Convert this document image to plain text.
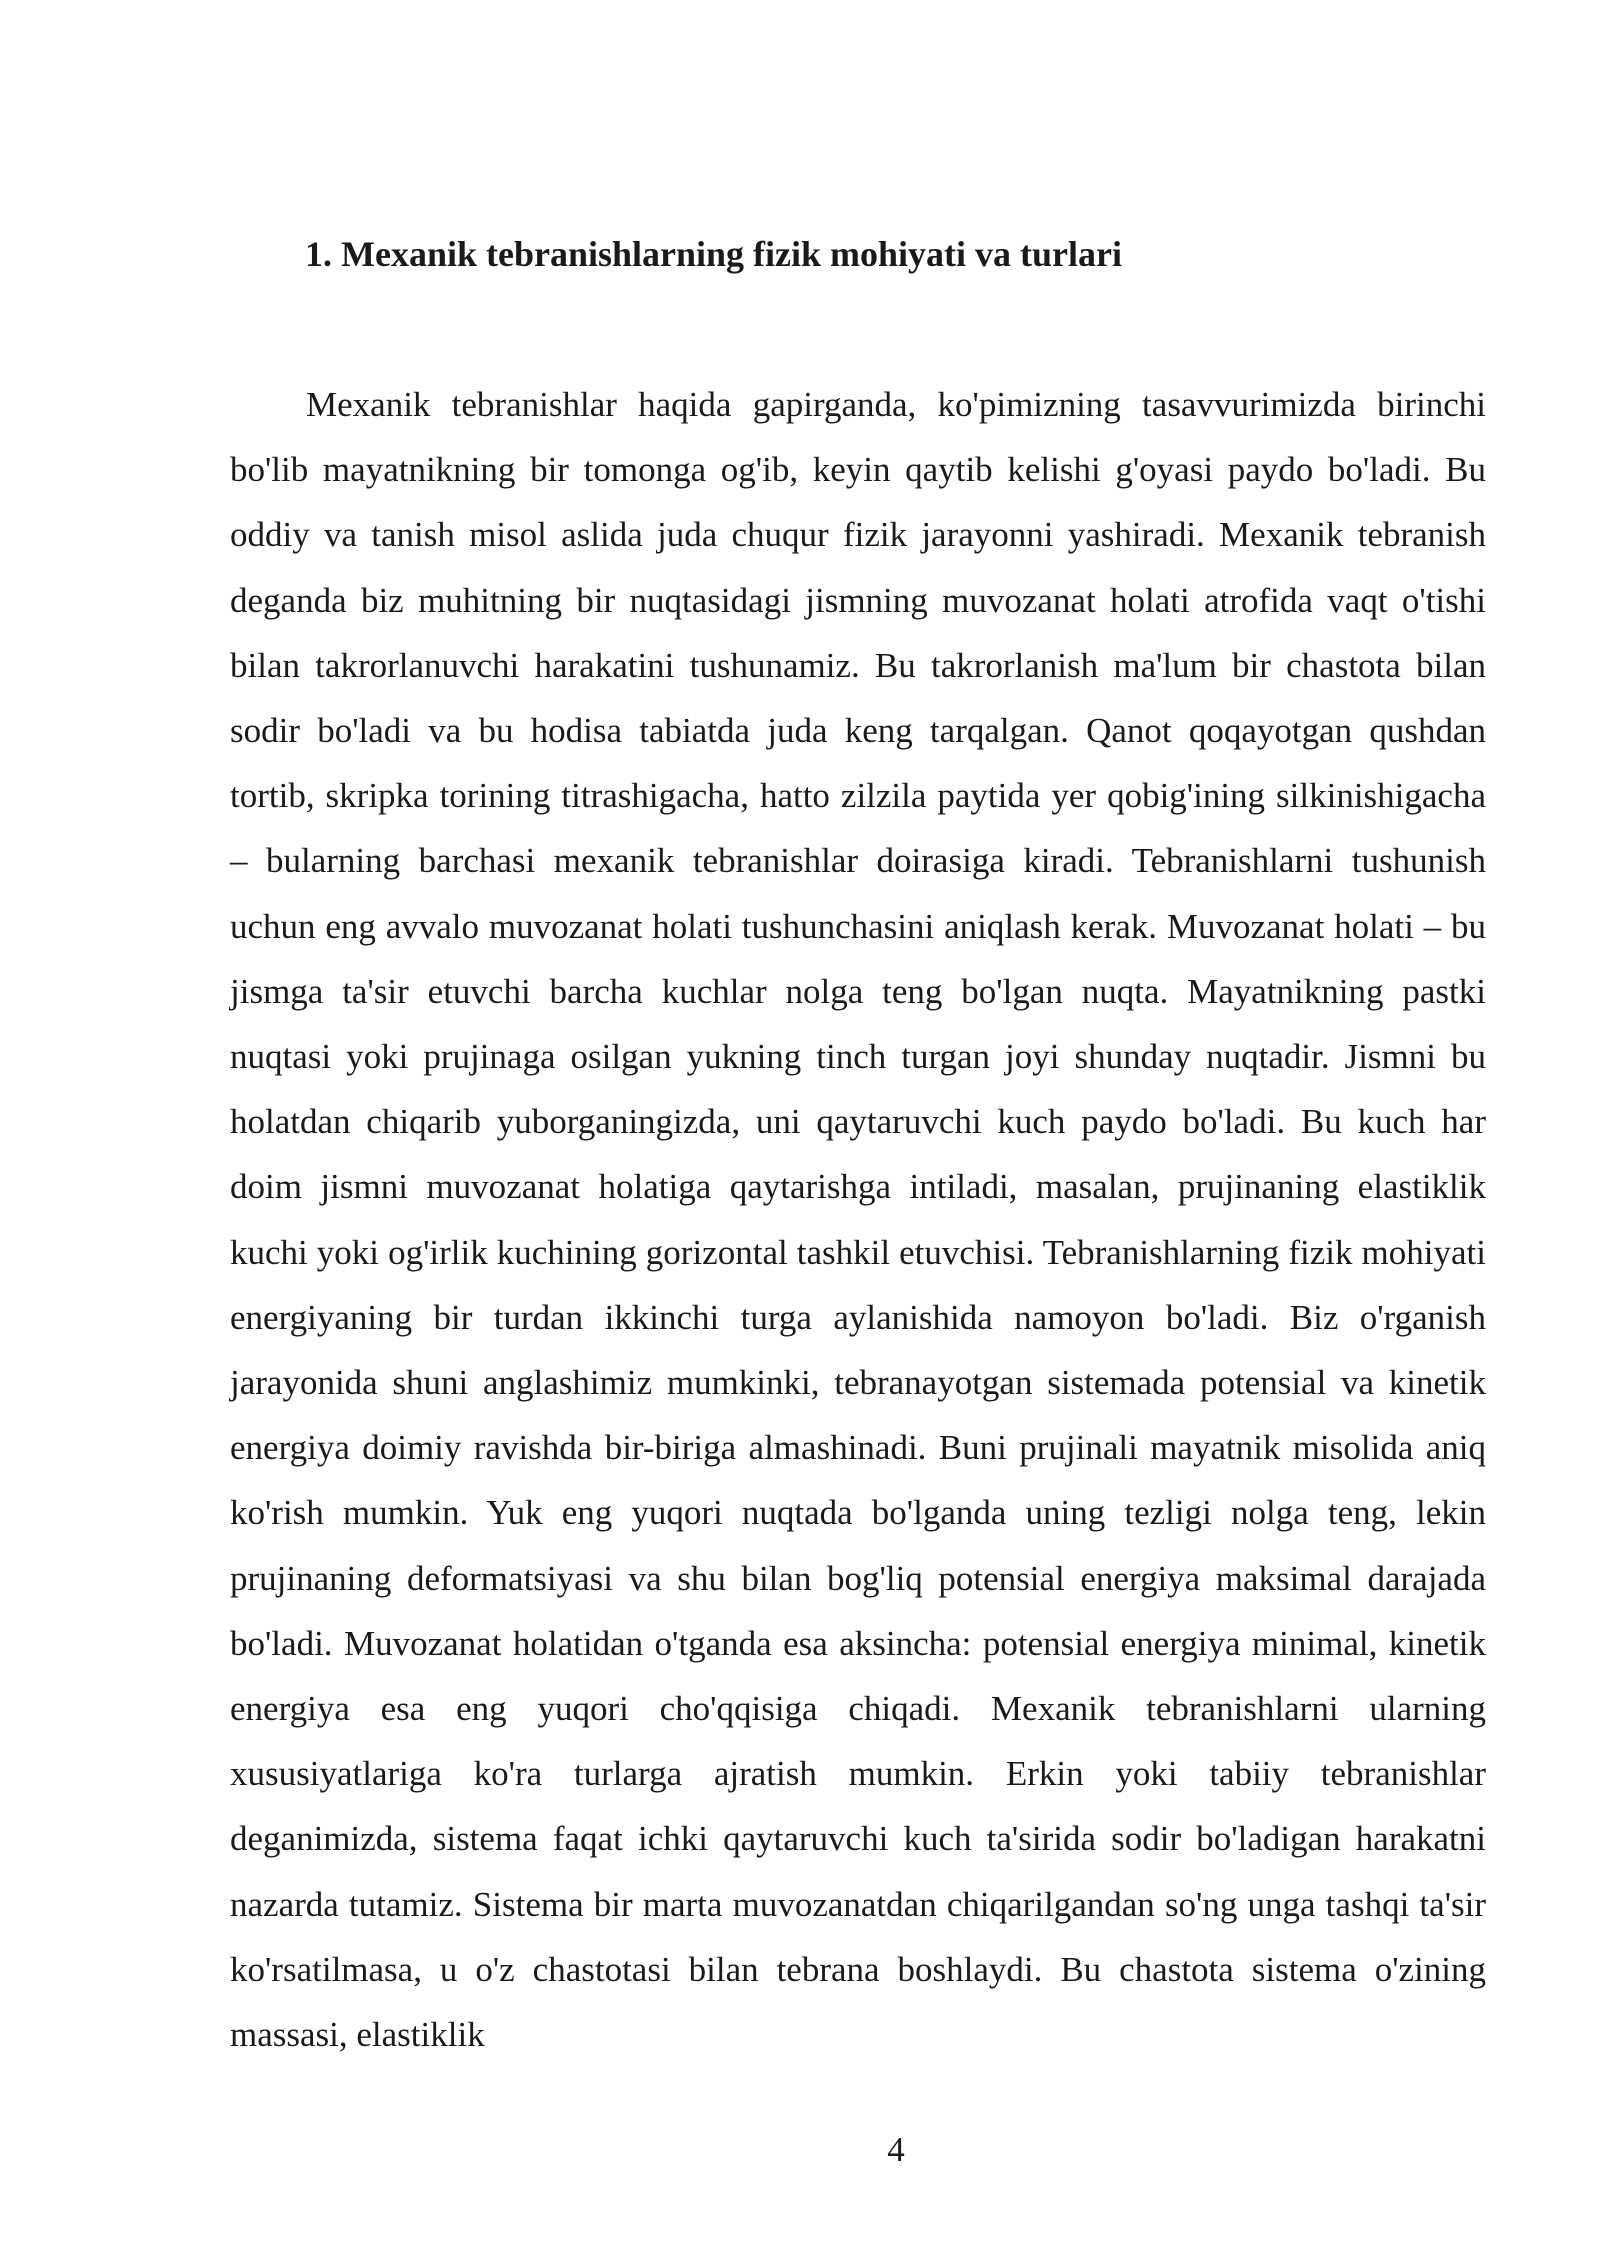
1. Mexanik tebranishlarning fizik mohiyati va turlari

Mexanik tebranishlar haqida gapirganda, ko'pimizning tasavvurimizda birinchi bo'lib mayatnikning bir tomonga og'ib, keyin qaytib kelishi g'oyasi paydo bo'ladi. Bu oddiy va tanish misol aslida juda chuqur fizik jarayonni yashiradi. Mexanik tebranish deganda biz muhitning bir nuqtasidagi jismning muvozanat holati atrofida vaqt o'tishi bilan takrorlanuvchi harakatini tushunamiz. Bu takrorlanish ma'lum bir chastota bilan sodir bo'ladi va bu hodisa tabiatda juda keng tarqalgan. Qanot qoqayotgan qushdan tortib, skripka torining titrashigacha, hatto zilzila paytida yer qobig'ining silkinishigacha – bularning barchasi mexanik tebranishlar doirasiga kiradi. Tebranishlarni tushunish uchun eng avvalo muvozanat holati tushunchasini aniqlash kerak. Muvozanat holati – bu jismga ta'sir etuvchi barcha kuchlar nolga teng bo'lgan nuqta. Mayatnikning pastki nuqtasi yoki prujinaga osilgan yukning tinch turgan joyi shunday nuqtadir. Jismni bu holatdan chiqarib yuborganingizda, uni qaytaruvchi kuch paydo bo'ladi. Bu kuch har doim jismni muvozanat holatiga qaytarishga intiladi, masalan, prujinaning elastiklik kuchi yoki og'irlik kuchining gorizontal tashkil etuvchisi. Tebranishlarning fizik mohiyati energiyaning bir turdan ikkinchi turga aylanishida namoyon bo'ladi. Biz o'rganish jarayonida shuni anglashimiz mumkinki, tebranayotgan sistemada potensial va kinetik energiya doimiy ravishda bir-biriga almashinadi. Buni prujinali mayatnik misolida aniq ko'rish mumkin. Yuk eng yuqori nuqtada bo'lganda uning tezligi nolga teng, lekin prujinaning deformatsiyasi va shu bilan bog'liq potensial energiya maksimal darajada bo'ladi. Muvozanat holatidan o'tganda esa aksincha: potensial energiya minimal, kinetik energiya esa eng yuqori cho'qqisiga chiqadi. Mexanik tebranishlarni ularning xususiyatlariga ko'ra turlarga ajratish mumkin. Erkin yoki tabiiy tebranishlar deganimizda, sistema faqat ichki qaytaruvchi kuch ta'sirida sodir bo'ladigan harakatni nazarda tutamiz. Sistema bir marta muvozanatdan chiqarilgandan so'ng unga tashqi ta'sir ko'rsatilmasa, u o'z chastotasi bilan tebrana boshlaydi. Bu chastota sistema o'zining massasi, elastiklik

4
